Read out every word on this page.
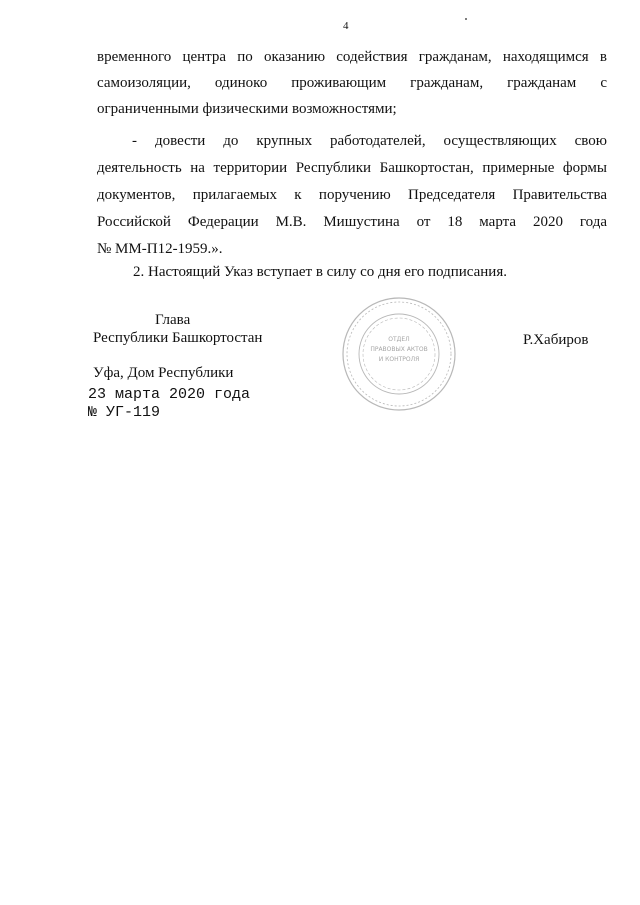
4
временного центра по оказанию содействия гражданам, находящимся в
самоизоляции, одиноко проживающим гражданам, гражданам с
ограниченными физическими возможностями;
- довести до крупных работодателей, осуществляющих свою
деятельность на территории Республики Башкортостан, примерные формы
документов, прилагаемых к поручению Председателя Правительства
Российской Федерации М.В. Мишустина от 18 марта 2020 года
№ ММ-П12-1959.».
2. Настоящий Указ вступает в силу со дня его подписания.
Глава
Республики Башкортостан	Р.Хабиров
ОТДЕЛ
ПРАВОВЫХ АКТОВ
И КОНТРОЛЯ
Уфа, Дом Республики
23 марта 2020 года
№ УГ-119
